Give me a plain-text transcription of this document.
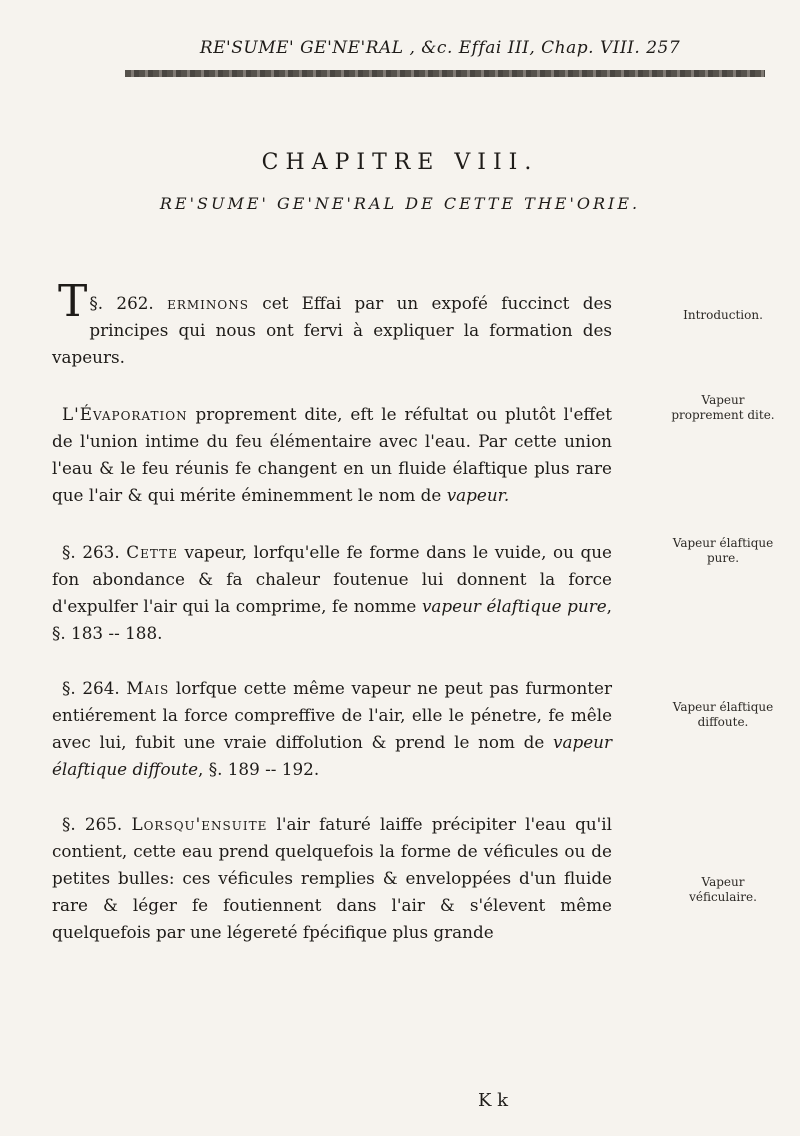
RE'SUME' GE'NE'RAL , &c. Effai III, Chap. VIII. 257
CHAPITRE VIII.
RE'SUME' GE'NE'RAL DE CETTE THE'ORIE.

§. 262.
T	erminons cet Effai par un expofé fuccinct des principes qui nous ont fervi à expliquer la formation des vapeurs.

L'Évaporation proprement dite, eft le réfultat ou plutôt l'effet de l'union intime du feu élémentaire avec l'eau. Par cette union l'eau & le feu réunis fe changent en un fluide élaftique plus rare que l'air & qui mérite éminemment le nom de vapeur.

§. 263. Cette vapeur, lorfqu'elle fe forme dans le vuide, ou que fon abondance & fa chaleur foutenue lui donnent la force d'expulfer l'air qui la comprime, fe nomme vapeur élaftique pure, §. 183 -- 188.

§. 264. Mais lorfque cette même vapeur ne peut pas furmonter entiérement la force compreffive de l'air, elle le pénetre, fe mêle avec lui, fubit une vraie diffolution & prend le nom de vapeur élaftique diffoute, §. 189 -- 192.

§. 265. Lorsqu'ensuite l'air faturé laiffe précipiter l'eau qu'il contient, cette eau prend quelquefois la forme de véficules ou de petites bulles: ces véficules remplies & enveloppées d'un fluide rare & léger fe foutiennent dans l'air & s'élevent même quelquefois par une légereté fpécifique plus grande

K k
Introduction.
Vapeur proprement dite.
Vapeur élaftique pure.
Vapeur élaftique diffoute.
Vapeur véficulaire.
